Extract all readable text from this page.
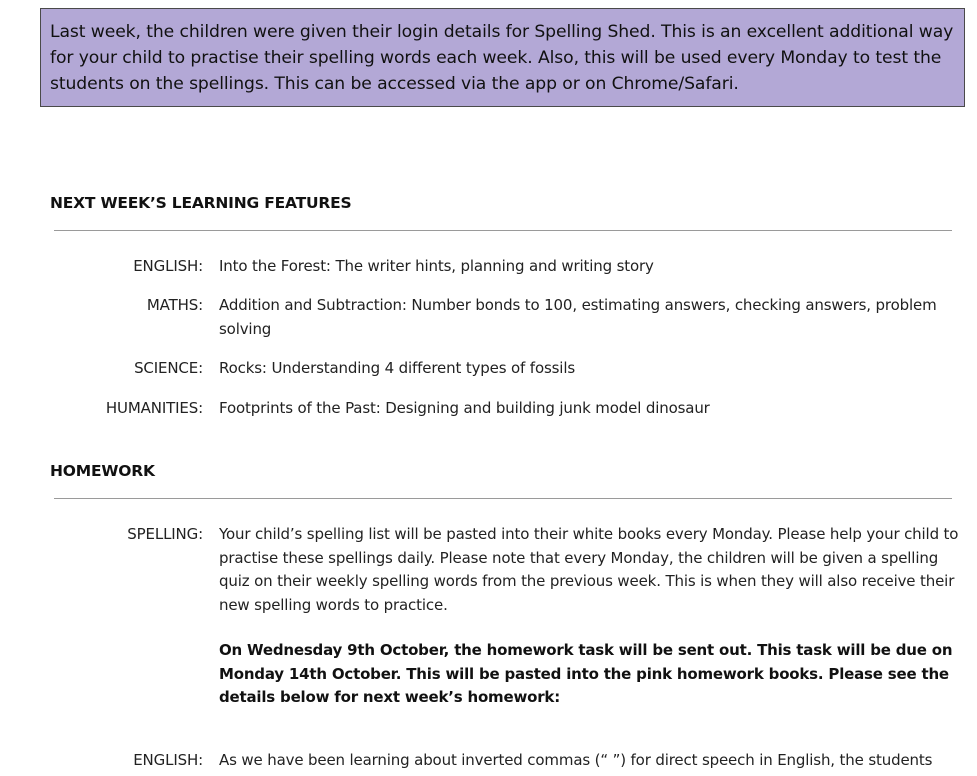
Last week, the children were given their login details for Spelling Shed. This is an excellent additional way for your child to practise their spelling words each week. Also, this will be used every Monday to test the students on the spellings. This can be accessed via the app or on Chrome/Safari.
NEXT WEEK’S LEARNING FEATURES
ENGLISH: Into the Forest: The writer hints, planning and writing story
MATHS: Addition and Subtraction: Number bonds to 100, estimating answers, checking answers, problem solving
SCIENCE: Rocks: Understanding 4 different types of fossils
HUMANITIES: Footprints of the Past: Designing and building junk model dinosaur
HOMEWORK
SPELLING: Your child’s spelling list will be pasted into their white books every Monday. Please help your child to practise these spellings daily. Please note that every Monday, the children will be given a spelling quiz on their weekly spelling words from the previous week. This is when they will also receive their new spelling words to practice.
On Wednesday 9th October, the homework task will be sent out. This task will be due on Monday 14th October. This will be pasted into the pink homework books. Please see the details below for next week’s homework:
ENGLISH: As we have been learning about inverted commas (“ ”) for direct speech in English, the students
